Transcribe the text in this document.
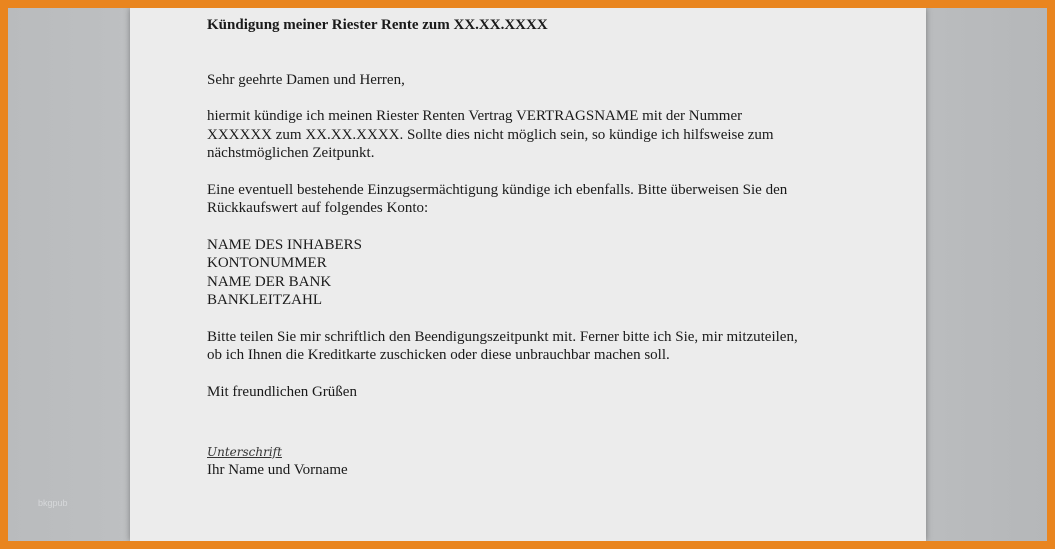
bkgpub

Kündigung meiner Riester Rente zum XX.XX.XXXX

Sehr geehrte Damen und Herren,

hiermit kündige ich meinen Riester Renten Vertrag VERTRAGSNAME mit der Nummer
XXXXXX zum XX.XX.XXXX. Sollte dies nicht möglich sein, so kündige ich hilfsweise zum
nächstmöglichen Zeitpunkt.
Eine eventuell bestehende Einzugsermächtigung kündige ich ebenfalls. Bitte überweisen Sie den
Rückkaufswert auf folgendes Konto:
NAME DES INHABERS
KONTONUMMER
NAME DER BANK
BANKLEITZAHL
Bitte teilen Sie mir schriftlich den Beendigungszeitpunkt mit. Ferner bitte ich Sie, mir mitzuteilen,
ob ich Ihnen die Kreditkarte zuschicken oder diese unbrauchbar machen soll.

Mit freundlichen Grüßen

Unterschrift
Ihr Name und Vorname
